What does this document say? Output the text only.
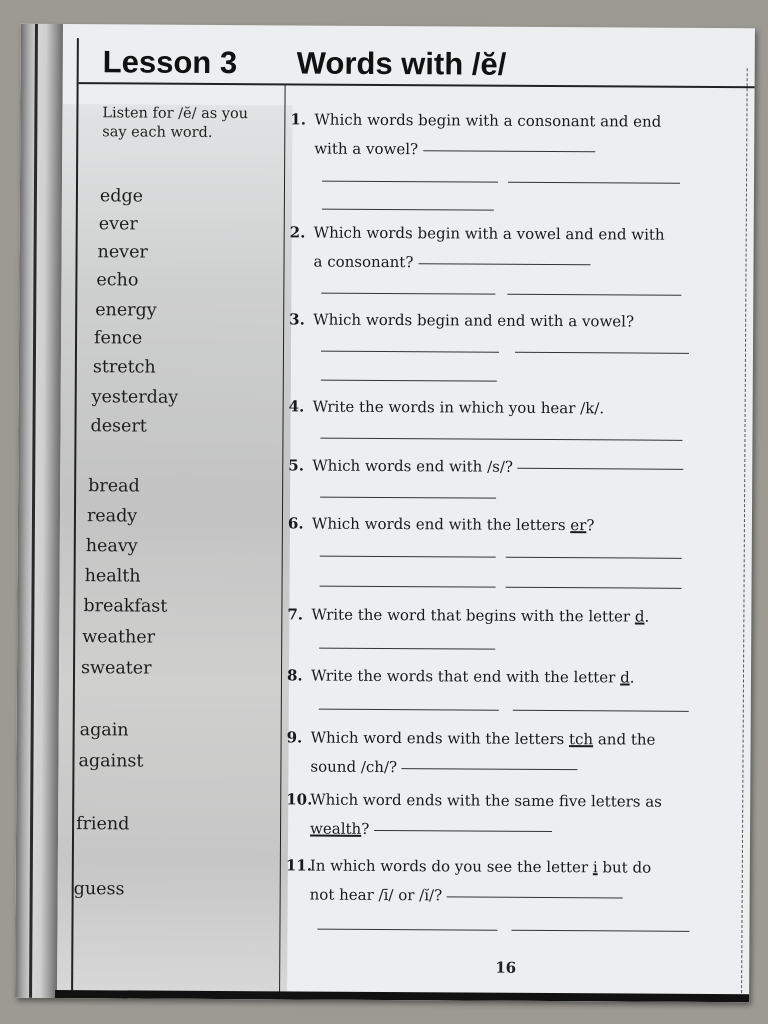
Lesson 3 Words with /ĕ/
Listen for /ĕ/ as you say each word.
edge
ever
never
echo
energy
fence
stretch
yesterday
desert
bread
ready
heavy
health
breakfast
weather
sweater
again
against
friend
guess
1. Which words begin with a consonant and end
with a vowel?
2. Which words begin with a vowel and end with
a consonant?
3. Which words begin and end with a vowel?
4. Write the words in which you hear /k/.
5. Which words end with /s/?
6. Which words end with the letters er?
7. Write the word that begins with the letter d.
8. Write the words that end with the letter d.
9. Which word ends with the letters tch and the
sound /ch/?
10.Which word ends with the same five letters as
wealth?
11.In which words do you see the letter i but do
not hear /ī/ or /ĭ/?
16
